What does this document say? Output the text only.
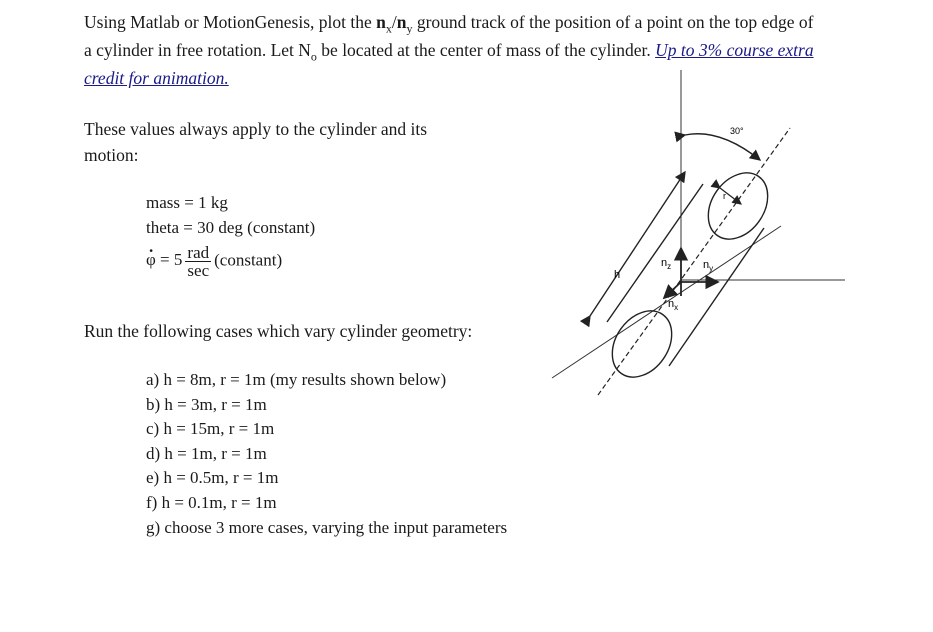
Using Matlab or MotionGenesis, plot the $n_x/n_y$ ground track of the position of a point on the top edge of a cylinder in free rotation. Let $N_o$ be located at the center of mass of the cylinder. Up to 3% course extra credit for animation.
These values always apply to the cylinder and its motion:
mass = 1 kg
theta = 30 deg (constant)
. $\varphi = 5 \frac{\text{rad}}{\sec}$ (constant)
Run the following cases which vary cylinder geometry:
a) h = 8m, r = 1m (my results shown below)
b) h = 3m, r = 1m
c) h = 15m, r = 1m
d) h = 1m, r = 1m
e) h = 0.5m, r = 1m
f) h = 0.1m, r = 1m
g) choose 3 more cases, varying the input parameters
30°
r
h
$n_z$	$n_y$
$n_x$
